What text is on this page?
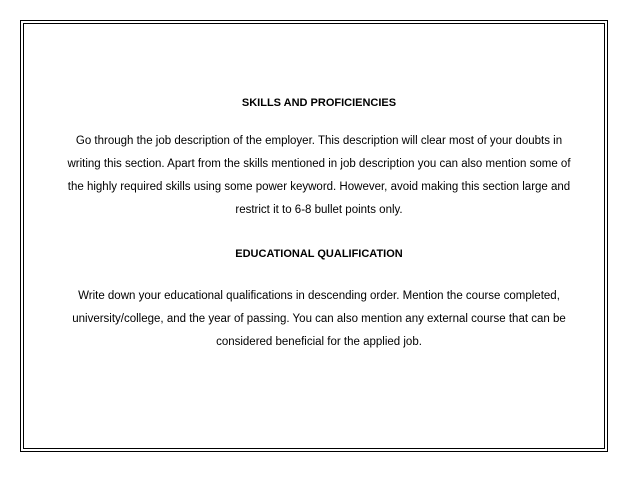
SKILLS AND PROFICIENCIES
Go through the job description of the employer. This description will clear most of your doubts in writing this section. Apart from the skills mentioned in job description you can also mention some of the highly required skills using some power keyword. However, avoid making this section large and restrict it to 6-8 bullet points only.
EDUCATIONAL QUALIFICATION
Write down your educational qualifications in descending order. Mention the course completed, university/college, and the year of passing. You can also mention any external course that can be considered beneficial for the applied job.
